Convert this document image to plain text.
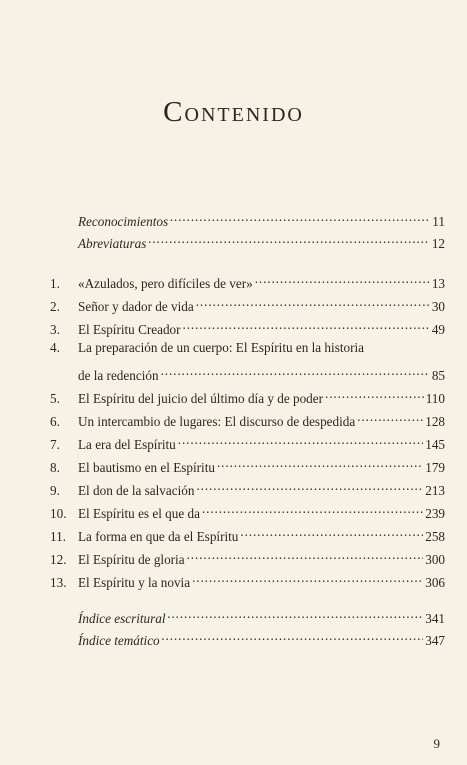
Contenido
Reconocimientos . . .	11
Abreviaturas . . .	12
1.	«Azulados, pero difíciles de ver» . . .	13
2.	Señor y dador de vida . . .	30
3.	El Espíritu Creador . . .	49
4.	La preparación de un cuerpo: El Espíritu en la historia
de la redención . . .	85
5.	El Espíritu del juicio del último día y de poder . . .	110
6.	Un intercambio de lugares: El discurso de despedida . . .	128
7.	La era del Espíritu . . .	145
8.	El bautismo en el Espíritu . . .	179
9.	El don de la salvación . . .	213
10. El Espíritu es el que da . . .	239
11. La forma en que da el Espíritu . . .	258
12. El Espíritu de gloria . . .	300
13. El Espíritu y la novia . . .	306
Índice escritural . . .	341
Índice temático . . .	347
9
